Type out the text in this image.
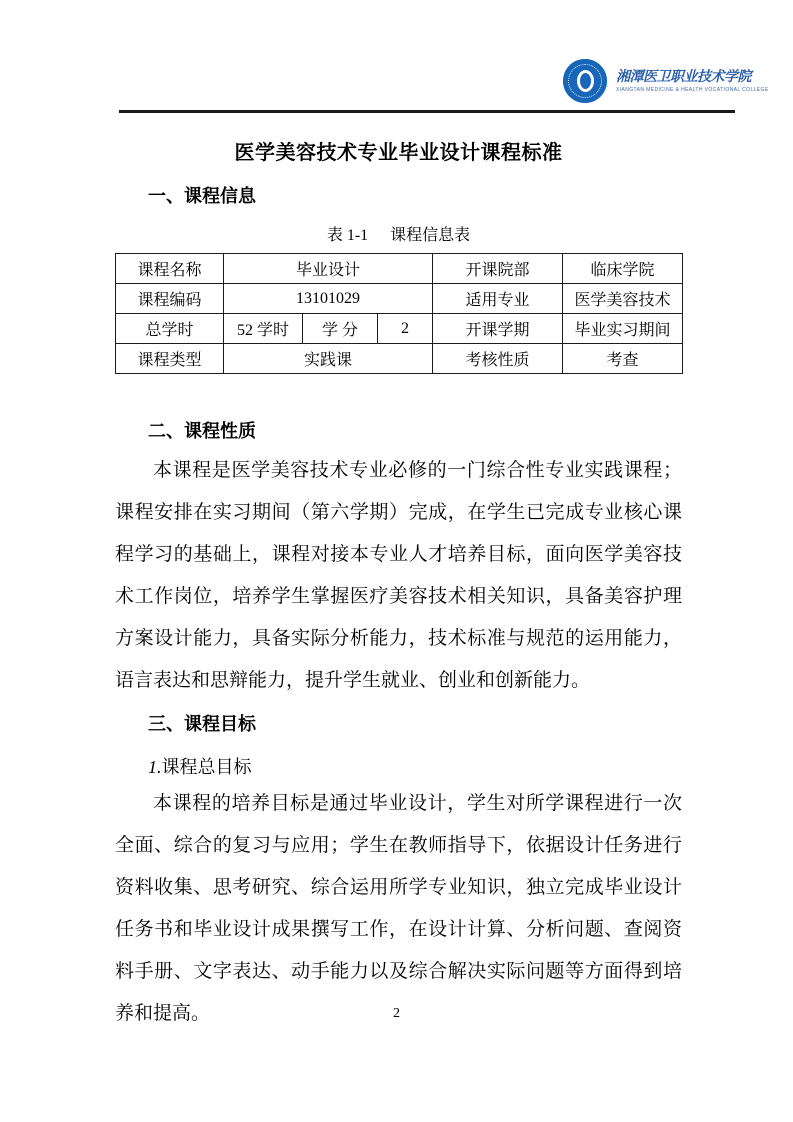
湘潭医卫职业技术学院
XIANGTAN MEDICINE & HEALTH VOCATIONAL COLLEGE
医学美容技术专业毕业设计课程标准
一、课程信息
表 1-1 课程信息表
课程名称	毕业设计			开课院部	临床学院
课程编码	13101029			适用专业	医学美容技术
总学时	52 学时	学 分	2	开课学期	毕业实习期间
课程类型	实践课			考核性质	考查
二、课程性质

本课程是医学美容技术专业必修的一门综合性专业实践课程；课程安排在实习期间（第六学期）完成，在学生已完成专业核心课程学习的基础上，课程对接本专业人才培养目标，面向医学美容技术工作岗位，培养学生掌握医疗美容技术相关知识，具备美容护理方案设计能力，具备实际分析能力，技术标准与规范的运用能力，语言表达和思辩能力，提升学生就业、创业和创新能力。

三、课程目标
1.课程总目标

本课程的培养目标是通过毕业设计，学生对所学课程进行一次全面、综合的复习与应用；学生在教师指导下，依据设计任务进行资料收集、思考研究、综合运用所学专业知识，独立完成毕业设计任务书和毕业设计成果撰写工作，在设计计算、分析问题、查阅资料手册、文字表达、动手能力以及综合解决实际问题等方面得到培养和提高。	2
